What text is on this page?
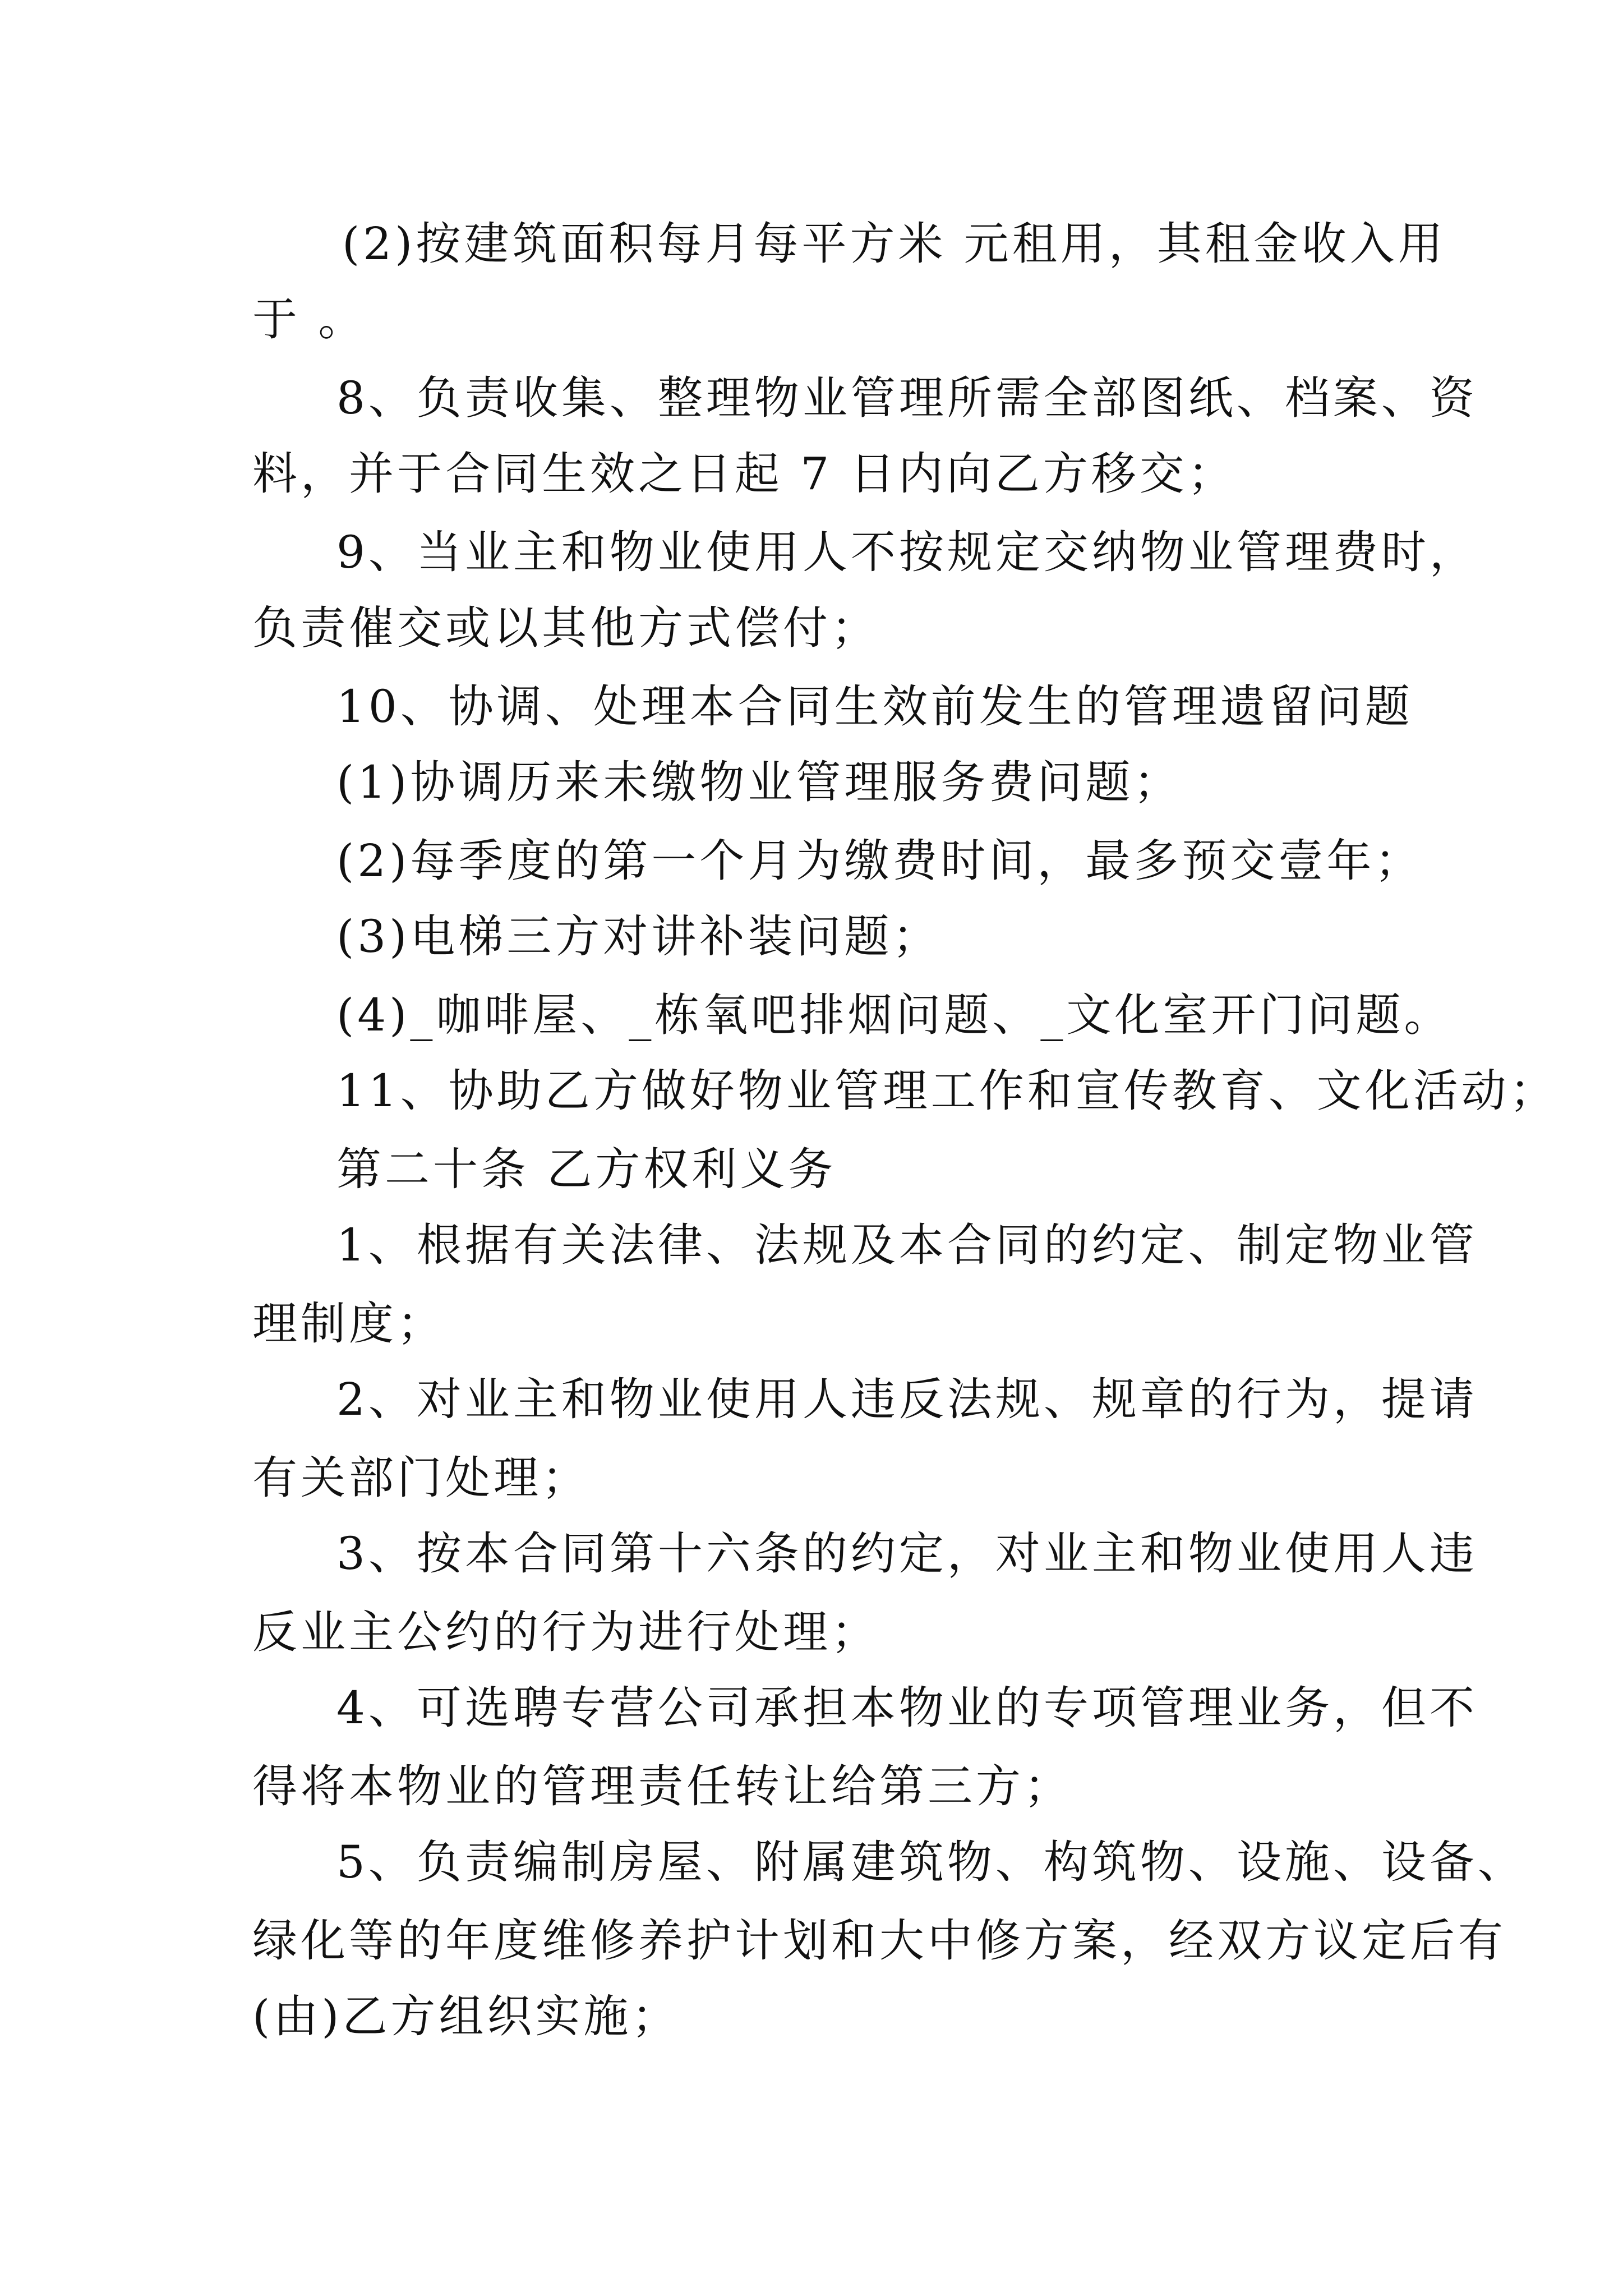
(2)按建筑面积每月每平方米 元租用，其租金收入用
于 。
8、负责收集、整理物业管理所需全部图纸、档案、资
料，并于合同生效之日起 7 日内向乙方移交；
9、当业主和物业使用人不按规定交纳物业管理费时，
负责催交或以其他方式偿付；
10、协调、处理本合同生效前发生的管理遗留问题
(1)协调历来未缴物业管理服务费问题；
(2)每季度的第一个月为缴费时间，最多预交壹年；
(3)电梯三方对讲补装问题；
(4)_咖啡屋、_栋氧吧排烟问题、_文化室开门问题。
11、协助乙方做好物业管理工作和宣传教育、文化活动；
第二十条 乙方权利义务
1、根据有关法律、法规及本合同的约定、制定物业管
理制度；
2、对业主和物业使用人违反法规、规章的行为，提请
有关部门处理；
3、按本合同第十六条的约定，对业主和物业使用人违
反业主公约的行为进行处理；
4、可选聘专营公司承担本物业的专项管理业务，但不
得将本物业的管理责任转让给第三方；
5、负责编制房屋、附属建筑物、构筑物、设施、设备、
绿化等的年度维修养护计划和大中修方案，经双方议定后有
(由)乙方组织实施；
